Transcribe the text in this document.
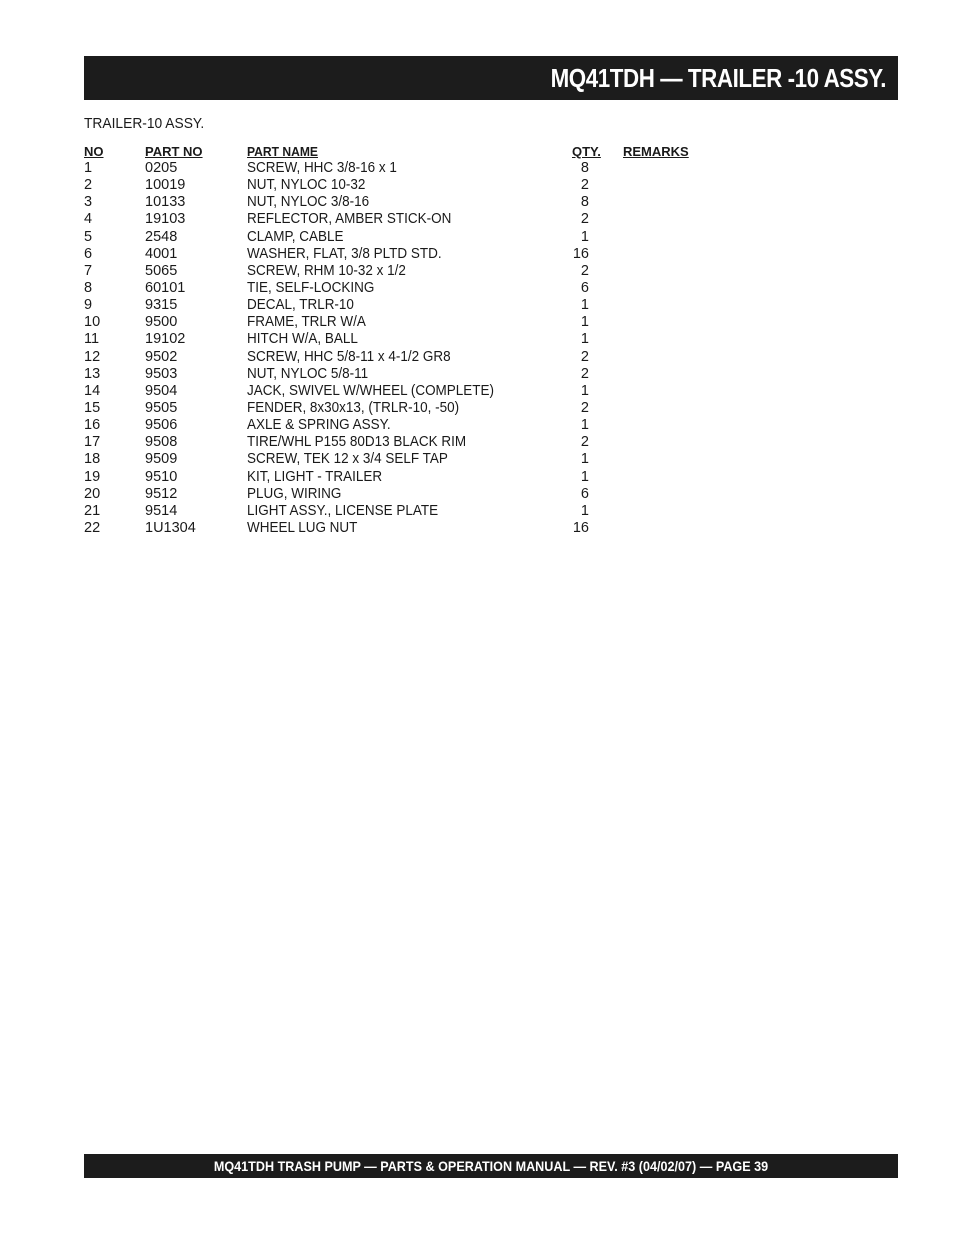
MQ41TDH — TRAILER -10 ASSY.
TRAILER-10 ASSY.
NO	PART NO	PART NAME	QTY. REMARKS
1	0205	SCREW, HHC 3/8-16 x 1	8
2	10019	NUT, NYLOC 10-32	2
3	10133	NUT, NYLOC 3/8-16	8
4	19103	REFLECTOR, AMBER STICK-ON	2
5	2548	CLAMP, CABLE	1
6	4001	WASHER, FLAT, 3/8 PLTD STD.	16
7	5065	SCREW, RHM 10-32 x 1/2	2
8	60101	TIE, SELF-LOCKING	6
9	9315	DECAL, TRLR-10	1
10	9500	FRAME, TRLR W/A	1
11	19102	HITCH W/A, BALL	1
12	9502	SCREW, HHC 5/8-11 x 4-1/2 GR8	2
13	9503	NUT, NYLOC 5/8-11	2
14	9504	JACK, SWIVEL W/WHEEL (COMPLETE)	1
15	9505	FENDER, 8x30x13, (TRLR-10, -50)	2
16	9506	AXLE & SPRING ASSY.	1
17	9508	TIRE/WHL P155 80D13 BLACK RIM	2
18	9509	SCREW, TEK 12 x 3/4 SELF TAP	1
19	9510	KIT, LIGHT - TRAILER	1
20	9512	PLUG, WIRING	6
21	9514	LIGHT ASSY., LICENSE PLATE	1
22	1U1304	WHEEL LUG NUT	16
MQ41TDH TRASH PUMP — PARTS & OPERATION MANUAL — REV. #3 (04/02/07) — PAGE 39
